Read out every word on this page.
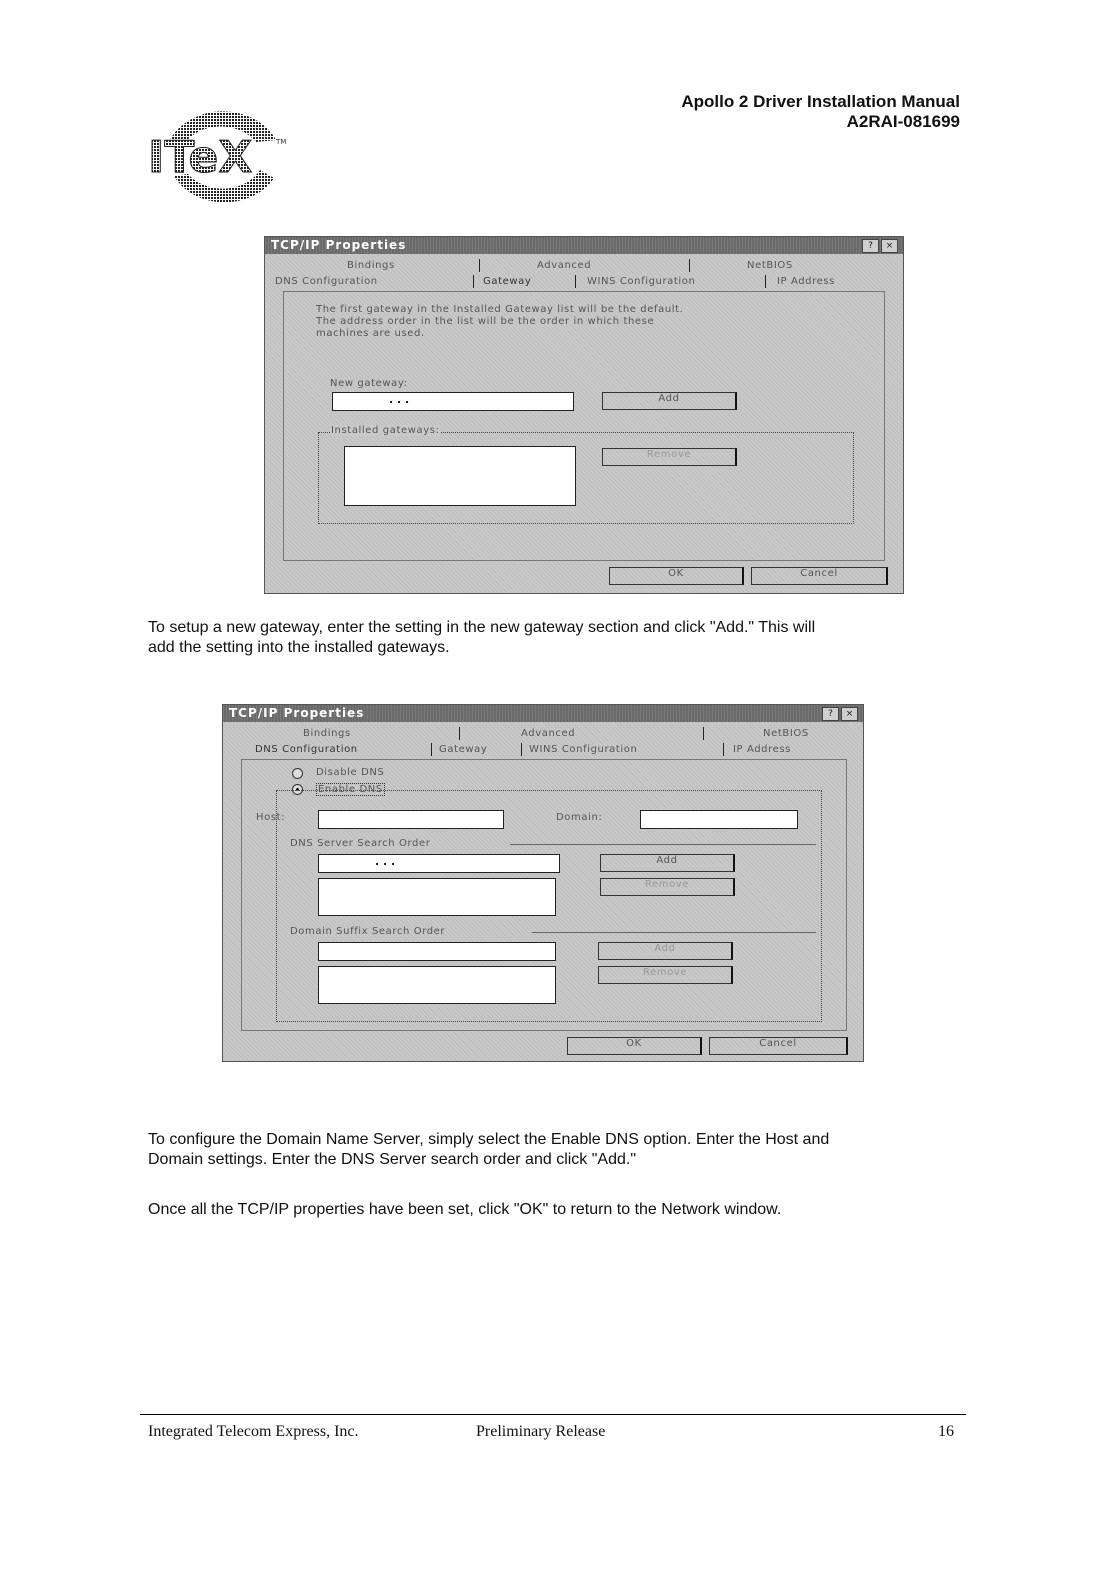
ITeX	TM
Apollo 2 Driver Installation Manual
A2RAI-081699
TCP/IP Properties	?	×
Bindings	Advanced	NetBIOS
DNS Configuration	Gateway	WINS Configuration	IP Address
The first gateway in the Installed Gateway list will be the default.
The address order in the list will be the order in which these
machines are used.
New gateway:
. . .	Add
Installed gateways:
Remove
OK	Cancel
To setup a new gateway, enter the setting in the new gateway section and click "Add." This will
add the setting into the installed gateways.
TCP/IP Properties	?	×
Bindings	Advanced	NetBIOS
DNS Configuration	Gateway	WINS Configuration	IP Address
Disable DNS
Enable DNS
Host:	Domain:
DNS Server Search Order
. . .	Add
Remove
Domain Suffix Search Order
Add
Remove
OK	Cancel
To configure the Domain Name Server, simply select the Enable DNS option. Enter the Host and
Domain settings. Enter the DNS Server search order and click "Add."
Once all the TCP/IP properties have been set, click "OK" to return to the Network window.
Integrated Telecom Express, Inc.	Preliminary Release	16
